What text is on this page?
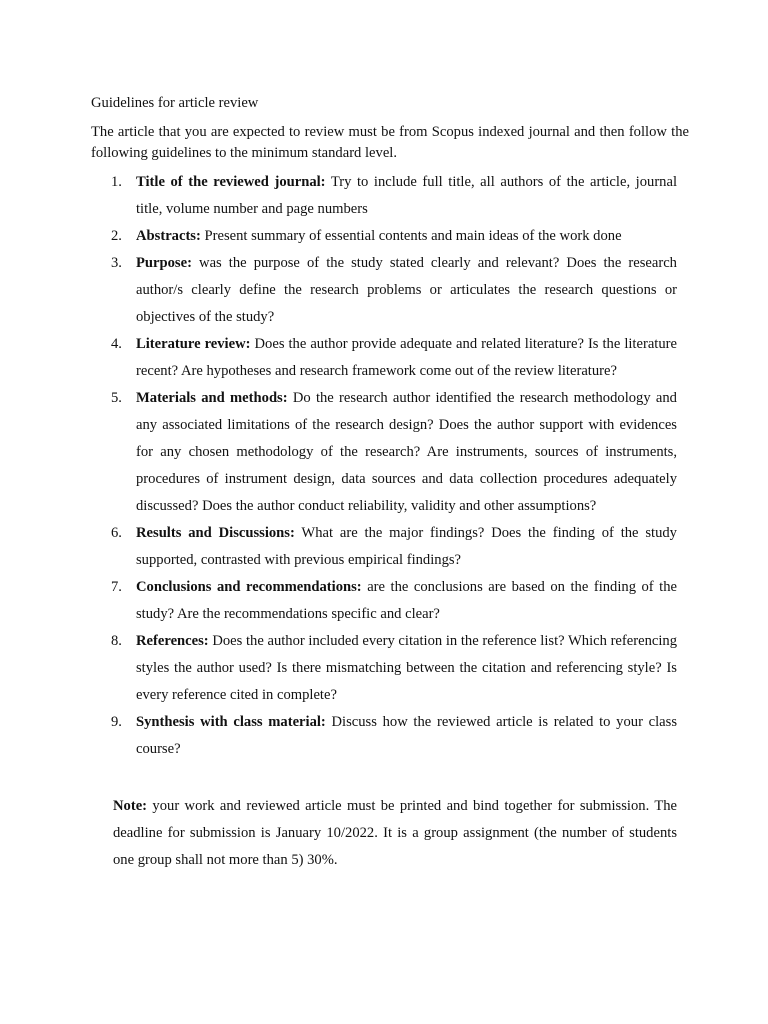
Guidelines for article review

The article that you are expected to review must be from Scopus indexed journal and then follow the following guidelines to the minimum standard level.

1. Title of the reviewed journal: Try to include full title, all authors of the article, journal title, volume number and page numbers
2. Abstracts: Present summary of essential contents and main ideas of the work done
3. Purpose: was the purpose of the study stated clearly and relevant? Does the research author/s clearly define the research problems or articulates the research questions or objectives of the study?
4. Literature review: Does the author provide adequate and related literature? Is the literature recent? Are hypotheses and research framework come out of the review literature?
5. Materials and methods: Do the research author identified the research methodology and any associated limitations of the research design? Does the author support with evidences for any chosen methodology of the research? Are instruments, sources of instruments, procedures of instrument design, data sources and data collection procedures adequately discussed? Does the author conduct reliability, validity and other assumptions?
6. Results and Discussions: What are the major findings? Does the finding of the study supported, contrasted with previous empirical findings?
7. Conclusions and recommendations: are the conclusions are based on the finding of the study? Are the recommendations specific and clear?
8. References: Does the author included every citation in the reference list? Which referencing styles the author used? Is there mismatching between the citation and referencing style? Is every reference cited in complete?
9. Synthesis with class material: Discuss how the reviewed article is related to your class course?

Note: your work and reviewed article must be printed and bind together for submission. The deadline for submission is January 10/2022. It is a group assignment (the number of students one group shall not more than 5) 30%.
